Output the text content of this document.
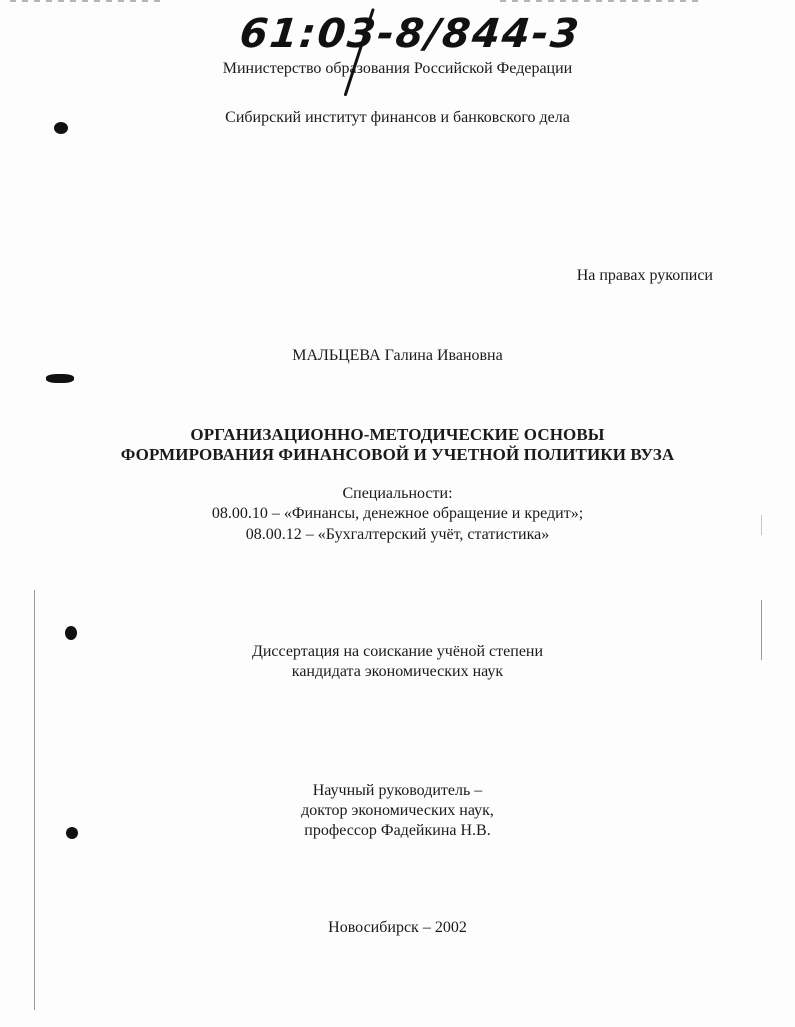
61:03-8/844-3
Министерство образования Российской Федерации
Сибирский институт финансов и банковского дела
На правах рукописи
МАЛЬЦЕВА Галина Ивановна
ОРГАНИЗАЦИОННО-МЕТОДИЧЕСКИЕ ОСНОВЫ
ФОРМИРОВАНИЯ ФИНАНСОВОЙ И УЧЕТНОЙ ПОЛИТИКИ ВУЗА
Специальности:
08.00.10 – «Финансы, денежное обращение и кредит»;
08.00.12 – «Бухгалтерский учёт, статистика»
Диссертация на соискание учёной степени
кандидата экономических наук
Научный руководитель –
доктор экономических наук,
профессор Фадейкина Н.В.
Новосибирск – 2002
